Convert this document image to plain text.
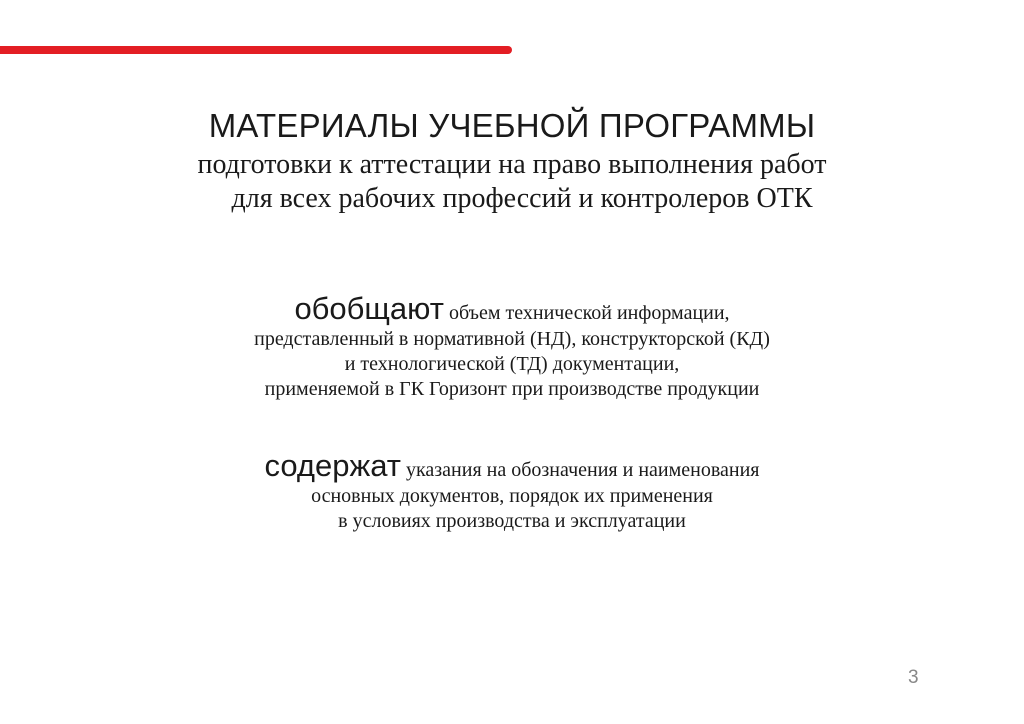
МАТЕРИАЛЫ УЧЕБНОЙ ПРОГРАММЫ
подготовки к аттестации на право выполнения работ
для всех рабочих профессий и контролеров ОТК
обобщают объем технической информации,
представленный в нормативной (НД), конструкторской (КД)
и технологической (ТД) документации,
применяемой в ГК Горизонт при производстве продукции
содержат указания на обозначения и наименования
основных документов, порядок их применения
в условиях производства и эксплуатации
3
